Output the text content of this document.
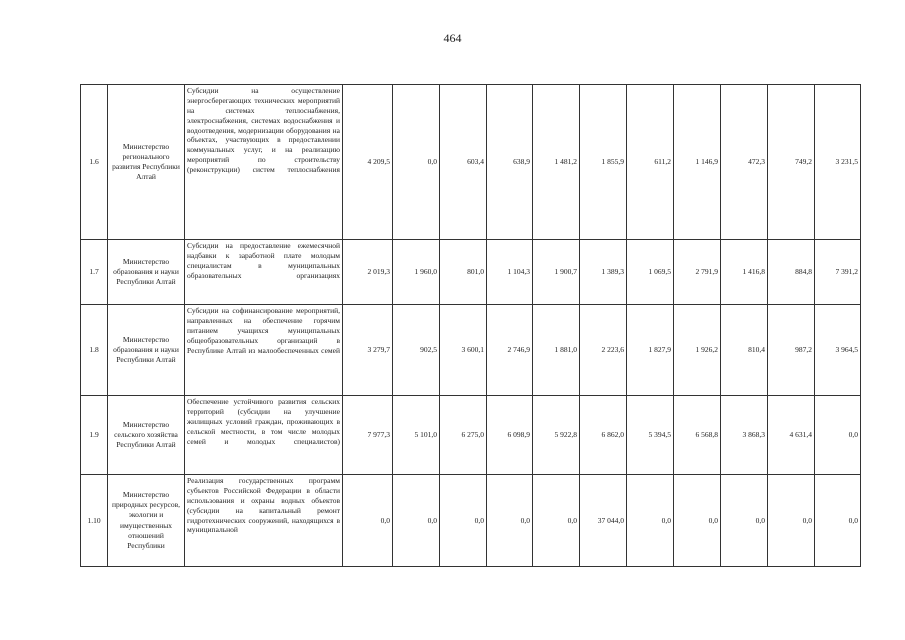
464
1.6	Министерство регионального развития Республики Алтай	Субсидии на осуществление энергосберегающих технических мероприятий на системах теплоснабжения, электроснабжения, системах водоснабжения и водоотведения, модернизации оборудования на объектах, участвующих в предоставлении коммунальных услуг, и на реализацию мероприятий по строительству (реконструкции) систем теплоснабжения	4 209,5	0,0	603,4	638,9	1 481,2	1 855,9	611,2	1 146,9	472,3	749,2	3 231,5
1.7	Министерство образования и науки Республики Алтай	Субсидии на предоставление ежемесячной надбавки к заработной плате молодым специалистам в муниципальных образовательных организациях	2 019,3	1 960,0	801,0	1 104,3	1 900,7	1 389,3	1 069,5	2 791,9	1 416,8	884,8	7 391,2
1.8	Министерство образования и науки Республики Алтай	Субсидии на софинансирование мероприятий, направленных на обеспечение горячим питанием учащихся муниципальных общеобразовательных организаций в Республике Алтай из малообеспеченных семей	3 279,7	902,5	3 600,1	2 746,9	1 881,0	2 223,6	1 827,9	1 926,2	810,4	987,2	3 964,5
1.9	Министерство сельского хозяйства Республики Алтай	Обеспечение устойчивого развития сельских территорий (субсидии на улучшение жилищных условий граждан, проживающих в сельской местности, в том числе молодых семей и молодых специалистов)	7 977,3	5 101,0	6 275,0	6 098,9	5 922,8	6 862,0	5 394,5	6 568,8	3 868,3	4 631,4	0,0
1.10	Министерство природных ресурсов, экологии и имущественных отношений Республики	Реализация государственных программ субъектов Российской Федерации в области использования и охраны водных объектов (субсидии на капитальный ремонт гидротехнических сооружений, находящихся в муниципальной	0,0	0,0	0,0	0,0	0,0	37 044,0	0,0	0,0	0,0	0,0	0,0
